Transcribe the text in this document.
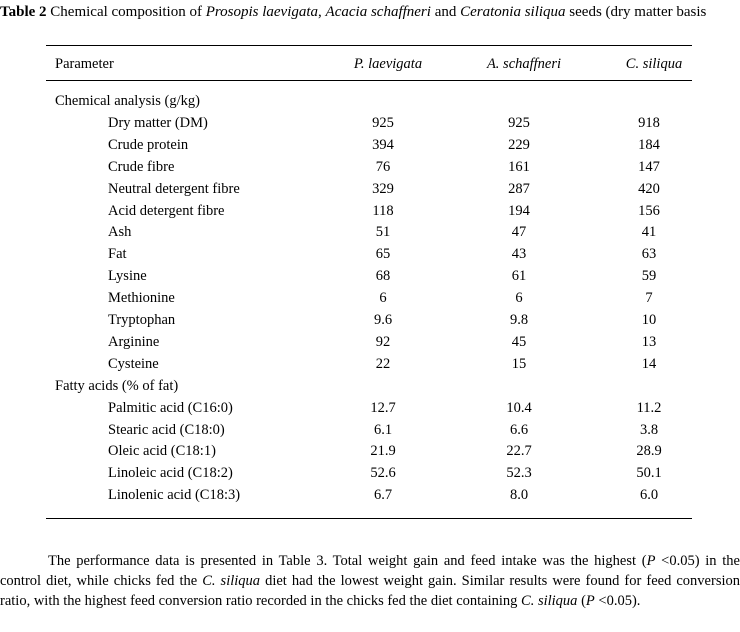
Table 2 Chemical composition of Prosopis laevigata, Acacia schaffneri and Ceratonia siliqua seeds (dry matter basis
Parameter	P. laevigata	A. schaffneri	C. siliqua
Chemical analysis (g/kg)
Dry matter (DM)	925	925	918
Crude protein	394	229	184
Crude fibre	76	161	147
Neutral detergent fibre	329	287	420
Acid detergent fibre	118	194	156
Ash	51	47	41
Fat	65	43	63
Lysine	68	61	59
Methionine	6	6	7
Tryptophan	9.6	9.8	10
Arginine	92	45	13
Cysteine	22	15	14
Fatty acids (% of fat)
Palmitic acid (C16:0)	12.7	10.4	11.2
Stearic acid (C18:0)	6.1	6.6	3.8
Oleic acid (C18:1)	21.9	22.7	28.9
Linoleic acid (C18:2)	52.6	52.3	50.1
Linolenic acid (C18:3)	6.7	8.0	6.0

The performance data is presented in Table 3. Total weight gain and feed intake was the highest (P <0.05) in the control diet, while chicks fed the C. siliqua diet had the lowest weight gain. Similar results were found for feed conversion ratio, with the highest feed conversion ratio recorded in the chicks fed the diet containing C. siliqua (P <0.05).
